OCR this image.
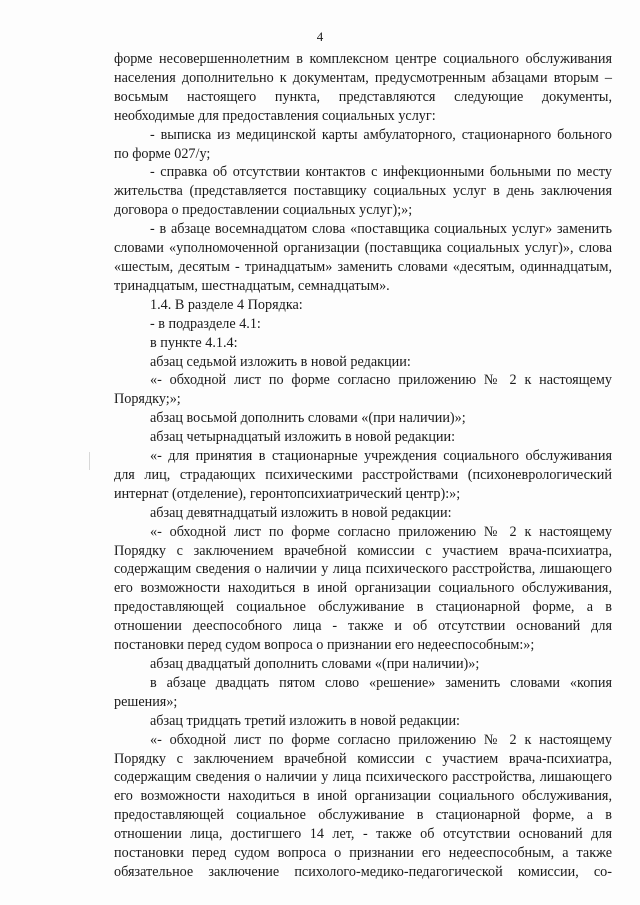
4

форме несовершеннолетним в комплексном центре социального обслуживания населения дополнительно к документам, предусмотренным абзацами вторым – восьмым настоящего пункта, представляются следующие документы, необходимые для предоставления социальных услуг:

- выписка из медицинской карты амбулаторного, стационарного больного по форме 027/у;

- справка об отсутствии контактов с инфекционными больными по месту жительства (представляется поставщику социальных услуг в день заключения договора о предоставлении социальных услуг);»;

- в абзаце восемнадцатом слова «поставщика социальных услуг» заменить словами «уполномоченной организации (поставщика социальных услуг)», слова «шестым, десятым - тринадцатым» заменить словами «десятым, одиннадцатым, тринадцатым, шестнадцатым, семнадцатым».

1.4. В разделе 4 Порядка:

- в подразделе 4.1:

в пункте 4.1.4:

абзац седьмой изложить в новой редакции:

«- обходной лист по форме согласно приложению № 2 к настоящему Порядку;»;

абзац восьмой дополнить словами «(при наличии)»;

абзац четырнадцатый изложить в новой редакции:

«- для принятия в стационарные учреждения социального обслуживания для лиц, страдающих психическими расстройствами (психоневрологический интернат (отделение), геронтопсихиатрический центр):»;

абзац девятнадцатый изложить в новой редакции:

«- обходной лист по форме согласно приложению № 2 к настоящему Порядку с заключением врачебной комиссии с участием врача-психиатра, содержащим сведения о наличии у лица психического расстройства, лишающего его возможности находиться в иной организации социального обслуживания, предоставляющей социальное обслуживание в стационарной форме, а в отношении дееспособного лица - также и об отсутствии оснований для постановки перед судом вопроса о признании его недееспособным:»;

абзац двадцатый дополнить словами «(при наличии)»;

в абзаце двадцать пятом слово «решение» заменить словами «копия решения»;

абзац тридцать третий изложить в новой редакции:

«- обходной лист по форме согласно приложению № 2 к настоящему Порядку с заключением врачебной комиссии с участием врача-психиатра, содержащим сведения о наличии у лица психического расстройства, лишающего его возможности находиться в иной организации социального обслуживания, предоставляющей социальное обслуживание в стационарной форме, а в отношении лица, достигшего 14 лет, - также об отсутствии оснований для постановки перед судом вопроса о признании его недееспособным, а также обязательное заключение психолого-медико-педагогической комиссии, со-
